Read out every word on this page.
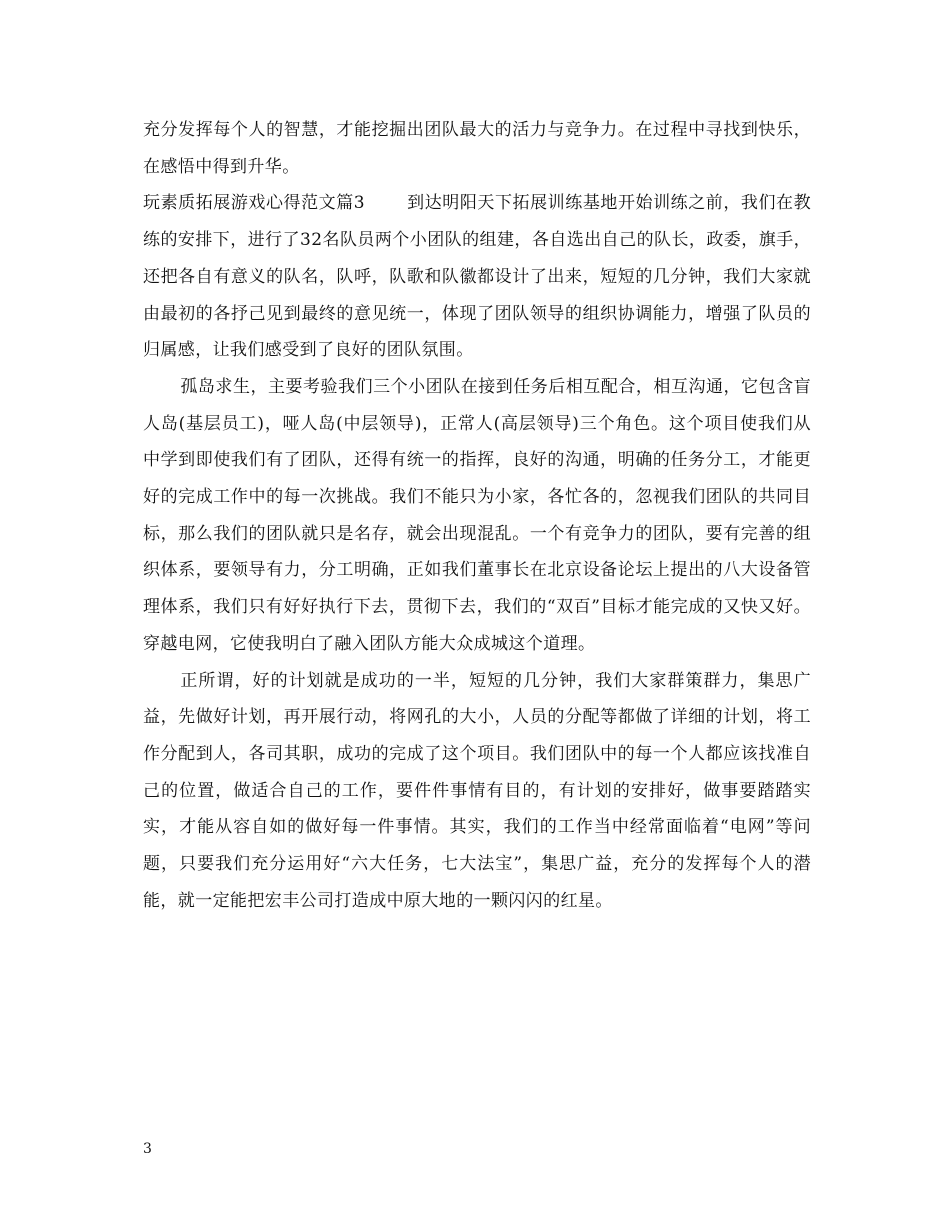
充分发挥每个人的智慧，才能挖掘出团队最大的活力与竞争力。在过程中寻找到快乐，在感悟中得到升华。

玩素质拓展游戏心得范文篇3 到达明阳天下拓展训练基地开始训练之前，我们在教练的安排下，进行了32名队员两个小团队的组建，各自选出自己的队长，政委，旗手，还把各自有意义的队名，队呼，队歌和队徽都设计了出来，短短的几分钟，我们大家就由最初的各抒己见到最终的意见统一，体现了团队领导的组织协调能力，增强了队员的归属感，让我们感受到了良好的团队氛围。

孤岛求生，主要考验我们三个小团队在接到任务后相互配合，相互沟通，它包含盲人岛(基层员工)，哑人岛(中层领导)，正常人(高层领导)三个角色。这个项目使我们从中学到即使我们有了团队，还得有统一的指挥，良好的沟通，明确的任务分工，才能更好的完成工作中的每一次挑战。我们不能只为小家，各忙各的，忽视我们团队的共同目标，那么我们的团队就只是名存，就会出现混乱。一个有竞争力的团队，要有完善的组织体系，要领导有力，分工明确，正如我们董事长在北京设备论坛上提出的八大设备管理体系，我们只有好好执行下去，贯彻下去，我们的“双百”目标才能完成的又快又好。 穿越电网，它使我明白了融入团队方能大众成城这个道理。

正所谓，好的计划就是成功的一半，短短的几分钟，我们大家群策群力，集思广益，先做好计划，再开展行动，将网孔的大小，人员的分配等都做了详细的计划，将工作分配到人，各司其职，成功的完成了这个项目。我们团队中的每一个人都应该找准自己的位置，做适合自己的工作，要件件事情有目的，有计划的安排好，做事要踏踏实实，才能从容自如的做好每一件事情。其实，我们的工作当中经常面临着“电网”等问题，只要我们充分运用好“六大任务，七大法宝”，集思广益，充分的发挥每个人的潜能，就一定能把宏丰公司打造成中原大地的一颗闪闪的红星。

3
